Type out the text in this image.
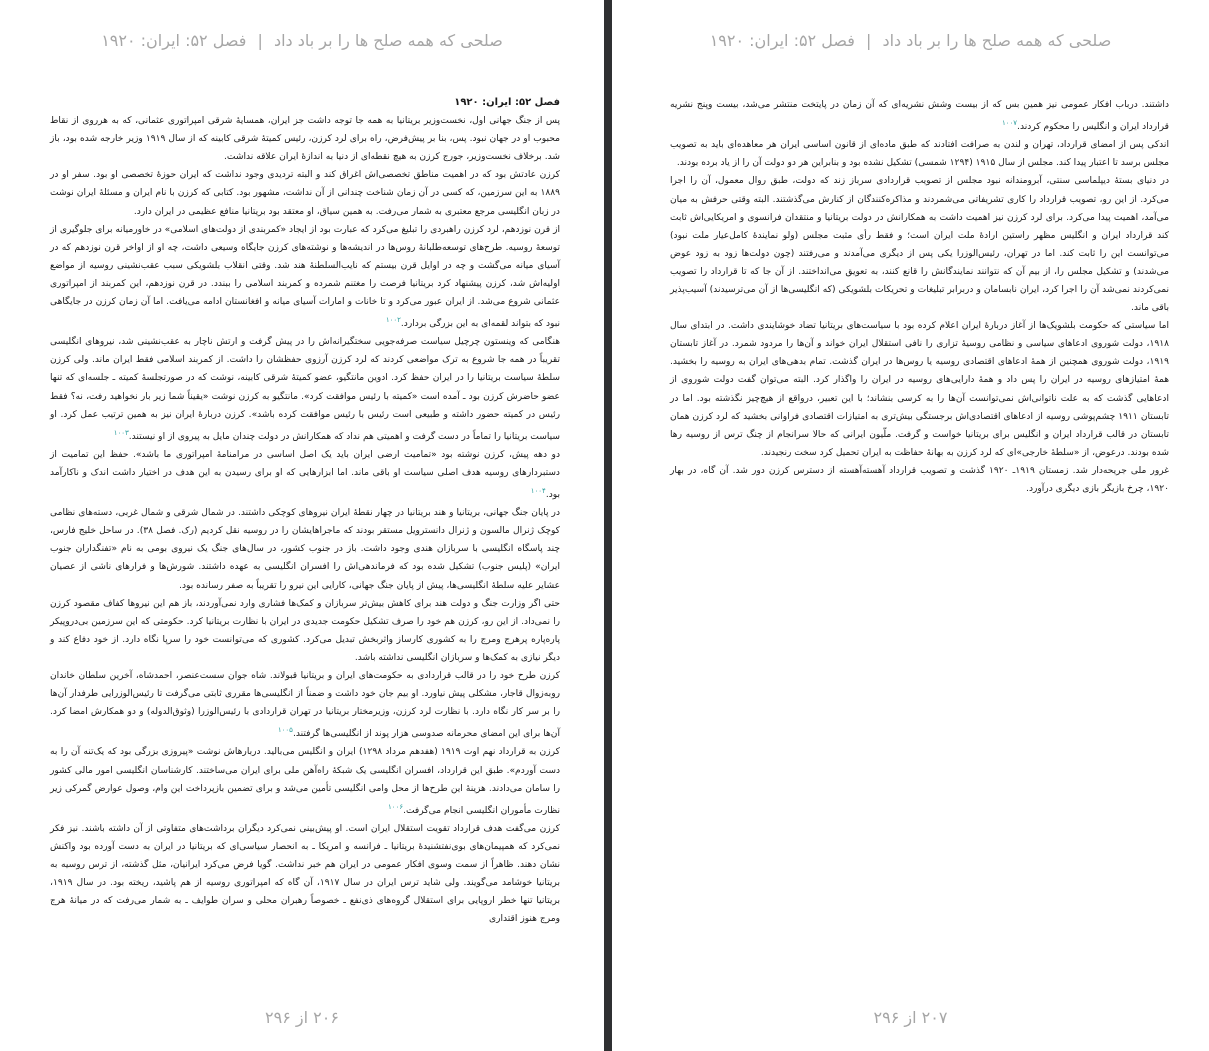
صلحی که همه صلح ها را بر باد داد | فصل ۵۲: ایران: ۱۹۲۰

فصل ۵۲: ایران: ۱۹۲۰

پس از جنگ جهانی اول، نخست‌وزیر بریتانیا به همه جا توجه داشت جز ایران، همسایهٔ شرقی امپراتوری عثمانی، که به هرروی از نقاط محبوب او در جهان نبود. پس، بنا بر پیش‌فرض، راه برای لرد کرزن، رئیس کمیتهٔ شرقی کابینه که از سال ۱۹۱۹ وزیر خارجه شده بود، باز شد. برخلاف نخست‌وزیر، جورج کرزن به هیچ نقطه‌ای از دنیا به اندازهٔ ایران علاقه نداشت.

کرزن عادتش بود که در اهمیت مناطق تخصصی‌اش اغراق کند و البته تردیدی وجود نداشت که ایران حوزهٔ تخصصی او بود. سفر او در ۱۸۸۹ به این سرزمین، که کسی در آن زمان شناخت چندانی از آن نداشت، مشهور بود. کتابی که کرزن با نام ایران و مسئلهٔ ایران نوشت در زبان انگلیسی مرجع معتبری به شمار می‌رفت. به همین سیاق، او معتقد بود بریتانیا منافع عظیمی در ایران دارد.

از قرن نوزدهم، لرد کرزن راهبردی را تبلیغ می‌کرد که عبارت بود از ایجاد «کمربندی از دولت‌های اسلامی» در خاورمیانه برای جلوگیری از توسعهٔ روسیه. طرح‌های توسعه‌طلبانهٔ روس‌ها در اندیشه‌ها و نوشته‌های کرزن جایگاه وسیعی داشت، چه او از اواخر قرن نوزدهم که در آسیای میانه می‌گشت و چه در اوایل قرن بیستم که نایب‌السلطنهٔ هند شد. وقتی انقلاب بلشویکی سبب عقب‌نشینی روسیه از مواضع اولیه‌اش شد، کرزن پیشنهاد کرد بریتانیا فرصت را مغتنم شمرده و کمربند اسلامی را ببندد. در قرن نوزدهم، این کمربند از امپراتوری عثمانی شروع می‌شد. از ایران عبور می‌کرد و تا خانات و امارات آسیای میانه و افغانستان ادامه می‌یافت. اما آن زمان کرزن در جایگاهی نبود که بتواند لقمه‌ای به این بزرگی بردارد.$^{۱۰۰۲}$

هنگامی که وینستون چرچیل سیاست صرفه‌جویی سختگیرانه‌اش را در پیش گرفت و ارتش ناچار به عقب‌نشینی شد، نیروهای انگلیسی تقریباً در همه جا شروع به ترک مواضعی کردند که لرد کرزن آرزوی حفظشان را داشت. از کمربند اسلامی فقط ایران ماند. ولی کرزن سلطهٔ سیاست بریتانیا را در ایران حفظ کرد. ادوین مانتگیو، عضو کمیتهٔ شرقی کابینه، نوشت که در صورتجلسهٔ کمیته ـ جلسه‌ای که تنها عضو حاضرش کرزن بود ـ آمده است «کمیته با رئیس موافقت کرد». مانتگیو به کرزن نوشت «یقیناً شما زیر بار نخواهید رفت، نه؟ فقط رئیس در کمیته حضور داشته و طبیعی است رئیس با رئیس موافقت کرده باشد». کرزن دربارهٔ ایران نیز به همین ترتیب عمل کرد. او سیاست بریتانیا را تماماً در دست گرفت و اهمیتی هم نداد که همکارانش در دولت چندان مایل به پیروی از او نیستند.$^{۱۰۰۳}$

دو دهه پیش، کرزن نوشته بود «تمامیت ارضی ایران باید یک اصل اساسی در مرامنامهٔ امپراتوری ما باشد». حفظ این تمامیت از دستبردارهای روسیه هدف اصلی سیاست او باقی ماند. اما ابزارهایی که او برای رسیدن به این هدف در اختیار داشت اندک و ناکارآمد بود.$^{۱۰۰۴}$

در پایان جنگ جهانی، بریتانیا و هند بریتانیا در چهار نقطهٔ ایران نیروهای کوچکی داشتند. در شمال شرقی و شمال غربی، دسته‌های نظامی کوچک ژنرال مالسون و ژنرال دانسترویل مستقر بودند که ماجراهایشان را در روسیه نقل کردیم (رک. فصل ۳۸). در ساحل خلیج فارس، چند پاسگاه انگلیسی با سربازان هندی وجود داشت. باز در جنوب کشور، در سال‌های جنگ یک نیروی بومی به نام «تفنگداران جنوب ایران» (پلیس جنوب) تشکیل شده بود که فرماندهی‌اش را افسران انگلیسی به عهده داشتند. شورش‌ها و فرارهای ناشی از عصیان عشایر علیه سلطهٔ انگلیسی‌ها، پیش از پایان جنگ جهانی، کارایی این نیرو را تقریباً به صفر رسانده بود.

حتی اگر وزارت جنگ و دولت هند برای کاهش بیش‌تر سربازان و کمک‌ها فشاری وارد نمی‌آوردند، باز هم این نیروها کفاف مقصود کرزن را نمی‌داد. از این رو، کرزن هم خود را صرف تشکیل حکومت جدیدی در ایران با نظارت بریتانیا کرد. حکومتی که این سرزمین بی‌دروپیکر پاره‌پاره پرهرج ومرج را به کشوری کارساز واثربخش تبدیل می‌کرد. کشوری که می‌توانست خود را سرپا نگاه دارد. از خود دفاع کند و دیگر نیازی به کمک‌ها و سربازان انگلیسی نداشته باشد.

کرزن طرح خود را در قالب قراردادی به حکومت‌های ایران و بریتانیا قبولاند. شاه جوان سست‌عنصر، احمدشاه، آخرین سلطان خاندان روبه‌زوال قاجار، مشکلی پیش نیاورد. او بیم جان خود داشت و ضمناً از انگلیسی‌ها مقرری ثابتی می‌گرفت تا رئیس‌الوزرایی طرفدار آن‌ها را بر سر کار نگاه دارد. با نظارت لرد کرزن، وزیرمختار بریتانیا در تهران قراردادی با رئیس‌الوزرا (وثوق‌الدوله) و دو همکارش امضا کرد. آن‌ها برای این امضای محرمانه صدوسی هزار پوند از انگلیسی‌ها گرفتند.$^{۱۰۰۵}$

کرزن به قرارداد نهم اوت ۱۹۱۹ (هفدهم مرداد ۱۲۹۸) ایران و انگلیس می‌بالید. دربارهاش نوشت «پیروزی بزرگی بود که یک‌تنه آن را به دست آوردم». طبق این قرارداد، افسران انگلیسی یک شبکهٔ راه‌آهن ملی برای ایران می‌ساختند. کارشناسان انگلیسی امور مالی کشور را سامان می‌دادند. هزینهٔ این طرح‌ها از محل وامی انگلیسی تأمین می‌شد و برای تضمین بازپرداخت این وام، وصول عوارض گمرکی زیر نظارت مأموران انگلیسی انجام می‌گرفت.$^{۱۰۰۶}$

کرزن می‌گفت هدف قرارداد تقویت استقلال ایران است. او پیش‌بینی نمی‌کرد دیگران برداشت‌های متفاوتی از آن داشته باشند. نیز فکر نمی‌کرد که همپیمان‌های بوی‌نفتشنیدهٔ بریتانیا ـ فرانسه و امریکا ـ به انحصار سیاسی‌ای که بریتانیا در ایران به دست آورده بود واکنش نشان دهند. ظاهراً از سمت وسوی افکار عمومی در ایران هم خبر نداشت. گویا فرض می‌کرد ایرانیان، مثل گذشته، از ترس روسیه به بریتانیا خوشامد می‌گویند. ولی شاید ترس ایران در سال ۱۹۱۷، آن گاه که امپراتوری روسیه از هم پاشید، ریخته بود. در سال ۱۹۱۹، بریتانیا تنها خطر اروپایی برای استقلال گروه‌های ذی‌نفع ـ خصوصاً رهبران محلی و سران طوایف ـ به شمار می‌رفت که در میانهٔ هرج ومرج هنوز اقتداری

۲۰۶ از ۲۹۶
صلحی که همه صلح ها را بر باد داد | فصل ۵۲: ایران: ۱۹۲۰

داشتند. درباب افکار عمومی نیز همین بس که از بیست وشش نشریه‌ای که آن زمان در پایتخت منتشر می‌شد، بیست وپنج نشریه قرارداد ایران و انگلیس را محکوم کردند.$^{۱۰۰۷}$

اندکی پس از امضای قرارداد، تهران و لندن به صرافت افتادند که طبق ماده‌ای از قانون اساسی ایران هر معاهده‌ای باید به تصویب مجلس برسد تا اعتبار پیدا کند. مجلس از سال ۱۹۱۵ (۱۲۹۴ شمسی) تشکیل نشده بود و بنابراین هر دو دولت آن را از یاد برده بودند.

در دنیای بستهٔ دیپلماسی سنتی، آبرومندانه نبود مجلس از تصویب قراردادی سرباز زند که دولت، طبق روال معمول، آن را اجرا می‌کرد. از این رو، تصویب قرارداد را کاری تشریفاتی می‌شمردند و مذاکره‌کنندگان از کنارش می‌گذشتند. البته وقتی حرفش به میان می‌آمد، اهمیت پیدا می‌کرد. برای لرد کرزن نیز اهمیت داشت به همکارانش در دولت بریتانیا و منتقدان فرانسوی و امریکایی‌اش ثابت کند قرارداد ایران و انگلیس مظهر راستین ارادهٔ ملت ایران است؛ و فقط رأی مثبت مجلس (ولو نمایندهٔ کامل‌عیار ملت نبود) می‌توانست این را ثابت کند. اما در تهران، رئیس‌الوزرا یکی پس از دیگری می‌آمدند و می‌رفتند (چون دولت‌ها زود به زود عوض می‌شدند) و تشکیل مجلس را، از بیم آن که نتوانند نمایندگانش را قانع کنند، به تعویق می‌انداختند. از آن جا که تا قرارداد را تصویب نمی‌کردند نمی‌شد آن را اجرا کرد، ایران نابسامان و دربرابر تبلیغات و تحریکات بلشویکی (که انگلیسی‌ها از آن می‌ترسیدند) آسیب‌پذیر باقی ماند.

اما سیاستی که حکومت بلشویک‌ها از آغاز دربارهٔ ایران اعلام کرده بود با سیاست‌های بریتانیا تضاد خوشایندی داشت. در ابتدای سال ۱۹۱۸، دولت شوروی ادعاهای سیاسی و نظامی روسیهٔ تزاری را نافی استقلال ایران خواند و آن‌ها را مردود شمرد. در آغاز تابستان ۱۹۱۹، دولت شوروی همچنین از همهٔ ادعاهای اقتصادی روسیه یا روس‌ها در ایران گذشت. تمام بدهی‌های ایران به روسیه را بخشید. همهٔ امتیازهای روسیه در ایران را پس داد و همهٔ دارایی‌های روسیه در ایران را واگذار کرد. البته می‌توان گفت دولت شوروی از ادعاهایی گذشت که به علت ناتوانی‌اش نمی‌توانست آن‌ها را به کرسی بنشاند؛ با این تعبیر، درواقع از هیچ‌چیز نگذشته بود. اما در تابستان ۱۹۱۱ چشم‌پوشی روسیه از ادعاهای اقتصادی‌اش برجستگی بیش‌تری به امتیازات اقتصادی فراوانی بخشید که لرد کرزن همان تابستان در قالب قرارداد ایران و انگلیس برای بریتانیا خواست و گرفت. ملّیون ایرانی که حالا سرانجام از چنگ ترس از روسیه رها شده بودند. درعوض، از «سلطهٔ خارجی»ای که لرد کرزن به بهانهٔ حفاظت به ایران تحمیل کرد سخت رنجیدند.

غرور ملی جریحه‌دار شد. زمستان ۱۹۱۹ـ ۱۹۲۰ گذشت و تصویب قرارداد آهسته‌آهسته از دسترس کرزن دور شد. آن گاه، در بهار ۱۹۲۰، چرخ بازیگر بازی دیگری درآورد.

۲۰۷ از ۲۹۶
